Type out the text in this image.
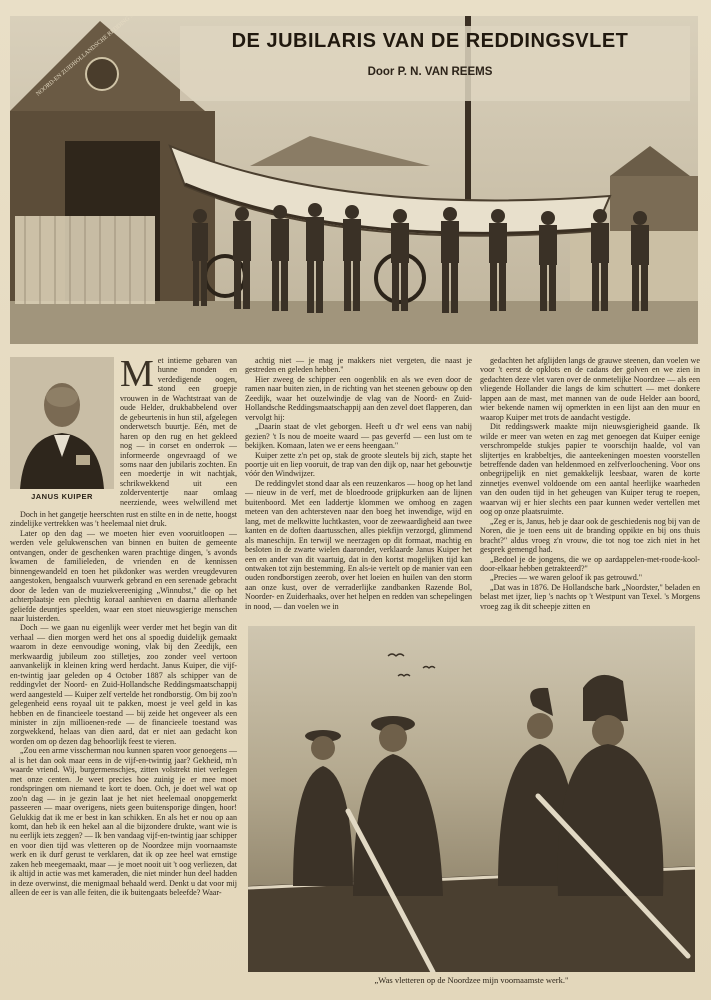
DE JUBILARIS VAN DE REDDINGSVLET
Door P. N. VAN REEMS
JANUS KUIPER
M et intieme gebaren van hunne monden en verdedigende oogen, stond een groepje vrouwen in de Wachtstraat van de oude Helder, drukbabbelend over de gebeurtenis in hun stil, afgelegen onderwetsch buurtje. Eén, met de haren op den rug en het gekleed nog — in corset en onderrok — informeerde ongevraagd of we soms naar den jubilaris zochten. En een moedertje in wit nachtjak, schrikwekkend uit een zolderventertje naar omlaag neerziende, wees welwillend met

Doch in het gangetje heerschten rust en stilte en in de nette, hoogst zindelijke vertrekken was 't heelemaal niet druk.

Later op den dag — we moeten hier even vooruitloopen — werden vele gelukwenschen van binnen en buiten de gemeente ontvangen, onder de geschenken waren prachtige dingen, 's avonds kwamen de familieleden, de vrienden en de kennissen binnengewandeld en toen het pikdonker was werden vreugdevuren aangestoken, bengaalsch vuurwerk gebrand en een serenade gebracht door de leden van de muziekvereeniging „Winnubst," die op het achterplaatsje een plechtig koraal aanhieven en daarna allerhande geliefde deuntjes speelden, waar een stoet nieuwsgierige menschen naar luisterden.

Doch — we gaan nu eigenlijk weer verder met het begin van dit verhaal — dien morgen werd het ons al spoedig duidelijk gemaakt waarom in deze eenvoudige woning, vlak bij den Zeedijk, een merkwaardig jubileum zoo stilletjes, zoo zonder veel vertoon aanvankelijk in kleinen kring werd herdacht. Janus Kuiper, die vijf-en-twintig jaar geleden op 4 October 1887 als schipper van de reddingvlet der Noord- en Zuid-Hollandsche Reddingsmaatschappij werd aangesteld — Kuiper zelf vertelde het rondborstig. Om bij zoo'n gelegenheid eens royaal uit te pakken, moest je veel geld in kas hebben en de financieele toestand — bij zeide het ongeveer als een minister in zijn millioenen-rede — de financieele toestand was zorgwekkend, helaas van dien aard, dat er niet aan gedacht kon worden om op dezen dag behoorlijk feest te vieren.

„Zou een arme visscherman nou kunnen sparen voor genoegens — al is het dan ook maar eens in de vijf-en-twintig jaar? Gekheid, m'n waarde vriend. Wij, burgermenschjes, zitten volstrekt niet verlegen met onze centen. Je weet precies hoe zuinig je er mee moet rondspringen om niemand te kort te doen. Och, je doet wel wat op zoo'n dag — in je gezin laat je het niet heelemaal onopgemerkt passeeren — maar overigens, niets geen buitensporige dingen, hoor! Gelukkig dat ik me er best in kan schikken. En als het er nou op aan komt, dan heb ik een hekel aan al die bijzondere drukte, want wie is nu eerlijk iets zeggen? — Ik ben vandaag vijf-en-twintig jaar schipper en voor dien tijd was vletteren op de Noordzee mijn voornaamste werk en ik durf gerust te verklaren, dat ik op zee heel wat ernstige zaken heb meegemaakt, maar — je moet nooit uit 't oog verliezen, dat ik altijd in actie was met kameraden, die niet minder hun deel hadden in deze overwinst, die menigmaal behaald werd. Denkt u dat voor mij alleen de eer is van alle feiten, die ik buitengaats beleefde? Waar-

achtig niet — je mag je makkers niet vergeten, die naast je gestreden en geleden hebben."

Hier zweeg de schipper een oogenblik en als we even door de ramen naar buiten zien, in de richting van het steenen gebouw op den Zeedijk, waar het ouzelwindje de vlag van de Noord- en Zuid-Hollandsche Reddingsmaatschappij aan den zevel doet flapperen, dan vervolgt hij:

„Daarin staat de vlet geborgen. Heeft u d'r wel eens van nabij gezien? 't Is nou de moeite waard — pas geverfd — een lust om te bekijken. Komaan, laten we er eens heengaan."

Kuiper zette z'n pet op, stak de groote sleutels bij zich, stapte het poortje uit en liep vooruit, de trap van den dijk op, naar het gebouwtje vóór den Windwijzer.

De reddingvlet stond daar als een reuzenkaros — hoog op het land — nieuw in de verf, met de bloedroode grijpkurken aan de lijnen buitenboord. Met een laddertje klommen we omhoog en zagen meteen van den achtersteven naar den boeg het inwendige, wijd en lang, met de melkwitte luchtkasten, voor de zeewaardigheid aan twee kanten en de doften daartusschen, alles piekfijn verzorgd, glimmend als maneschijn. En terwijl we neerzagen op dit formaat, machtig en besloten in de zwarte wielen daaronder, verklaarde Janus Kuiper het een en ander van dit vaartuig, dat in den kortst mogelijken tijd kan ontwaken tot zijn bestemming. En als-ie vertelt op de manier van een ouden rondborstigen zeerob, over het loeien en huilen van den storm aan onze kust, over de verraderlijke zandbanken Razende Bol, Noorder- en Zuiderhaaks, over het helpen en redden van schepelingen in nood, — dan voelen we in

gedachten het afglijden langs de grauwe steenen, dan voelen we voor 't eerst de opklots en de cadans der golven en we zien in gedachten deze vlet varen over de onmetelijke Noordzee — als een vliegende Hollander die langs de kim schuttert — met donkere lappen aan de mast, met mannen van de oude Helder aan boord, wier bekende namen wij opmerkten in een lijst aan den muur en waarop Kuiper met trots de aandacht vestigde.

Dit reddingswerk maakte mijn nieuwsgierigheid gaande. Ik wilde er meer van weten en zag met genoegen dat Kuiper eenige verschrompelde stukjes papier te voorschijn haalde, vol van slijtertjes en krabbeltjes, die aanteekeningen moesten voorstellen betreffende daden van heldenmoed en zelfverloochening. Voor ons onbegrijpelijk en niet gemakkelijk leesbaar, waren de korte zinnetjes evenwel voldoende om een aantal heerlijke waarheden van den ouden tijd in het geheugen van Kuiper terug te roepen, waarvan wij er hier slechts een paar kunnen weder vertellen met oog op onze plaatsruimte.

„Zeg er is, Janus, heb je daar ook de geschiedenis nog bij van de Noren, die je toen eens uit de branding oppikte en bij ons thuis bracht?" aldus vroeg z'n vrouw, die tot nog toe zich niet in het gesprek gemengd had.

„Bedoel je de jongens, die we op aardappelen-met-roode-kool-door-elkaar hebben getrakteerd?"

„Precies — we waren geloof ik pas getrouwd."

„Dat was in 1876. De Hollandsche bark „Noordster," beladen en belast met ijzer, liep 's nachts op 't Westpunt van Texel. 's Morgens vroeg zag ik dit scheepje zitten en

„Was vletteren op de Noordzee mijn voornaamste werk."
